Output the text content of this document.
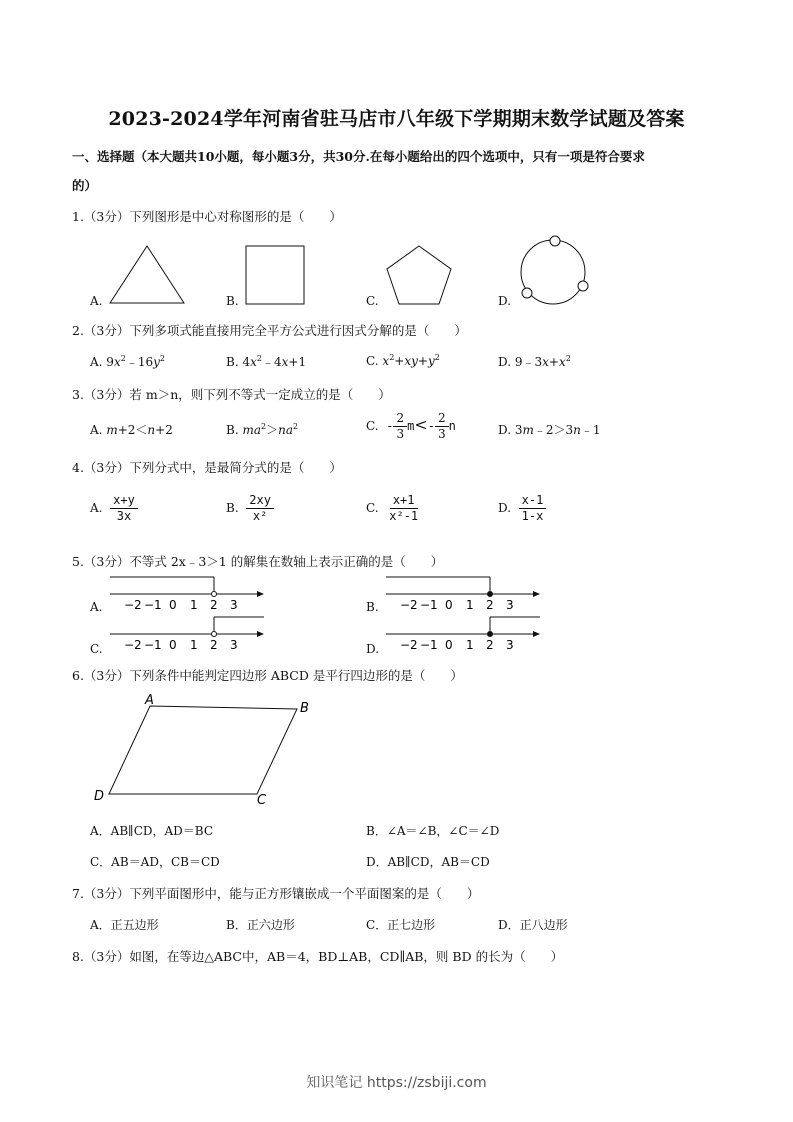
2023-2024学年河南省驻马店市八年级下学期期末数学试题及答案
一、选择题（本大题共10小题，每小题3分，共30分.在每小题给出的四个选项中，只有一项是符合要求
的）
1.（3分）下列图形是中心对称图形的是（　　）
A.	B.	C.	D.
2.（3分）下列多项式能直接用完全平方公式进行因式分解的是（　　）
A. $9x^2﹣16y^2$	B. $4x^2﹣4x+1$	C. $x^2+xy+y^2$	D. $9﹣3x+x^2$
3.（3分）若 m＞n，则下列不等式一定成立的是（　　）
A. m+2＜n+2	B. $ma^2>na^2$	C. - $\frac{2}{3} m<- \frac{2}{3}$ n	D. 3m﹣2＞3n﹣1
4.（3分）下列分式中，是最简分式的是（　　）
A. $\frac{x+y}{3x}$	B. $\frac{2xy}{\text{x²}}$	C. $\frac{x+1}{\text{x²-1}}$	D. $\frac{x-1}{1-x}$
5.（3分）不等式 2x﹣3＞1 的解集在数轴上表示正确的是（　　）
A. −2 −1 0 1 2 3	B. −2 −1 0 1 2 3
C. −2 −1 0 1 2 3	D. −2 −1 0 1 2 3
6.（3分）下列条件中能判定四边形 ABCD 是平行四边形的是（　　）
A
B
C
D
A．AB∥CD，AD＝BC	B．∠A＝∠B，∠C＝∠D
C．AB＝AD，CB＝CD	D．AB∥CD，AB＝CD
7.（3分）下列平面图形中，能与正方形镶嵌成一个平面图案的是（　　）
A．正五边形	B．正六边形	C．正七边形	D．正八边形
8.（3分）如图，在等边△ABC中，AB＝4，BD⊥AB，CD∥AB，则 BD 的长为（　　）
知识笔记 https://zsbiji.com
